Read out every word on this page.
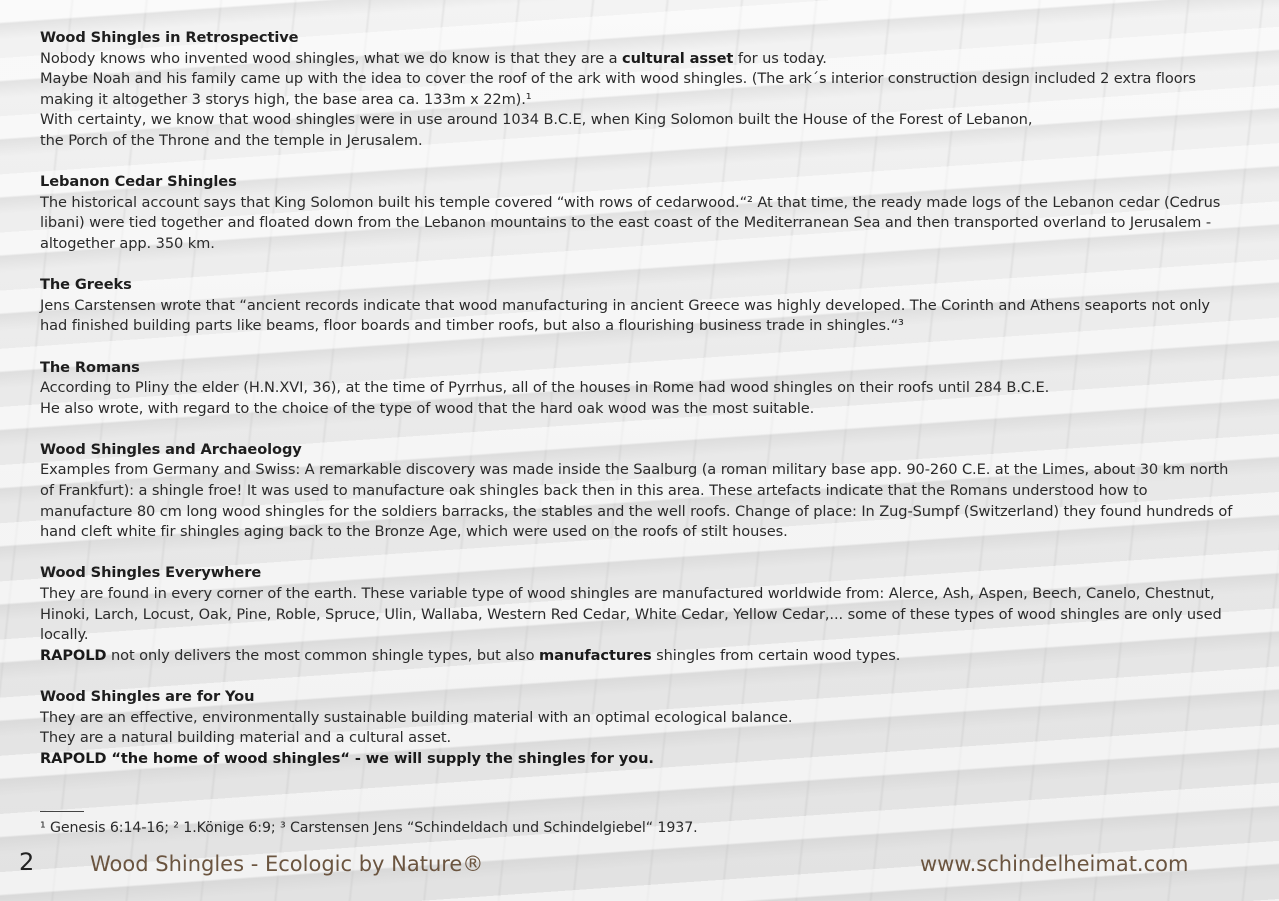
Wood Shingles in Retrospective

Nobody knows who invented wood shingles, what we do know is that they are a cultural asset for us today.

Maybe Noah and his family came up with the idea to cover the roof of the ark with wood shingles. (The ark´s interior construction design included 2 extra floors making it altogether 3 storys high, the base area ca. 133m x 22m).¹

With certainty, we know that wood shingles were in use around 1034 B.C.E, when King Solomon built the House of the Forest of Lebanon,

the Porch of the Throne and the temple in Jerusalem.

Lebanon Cedar Shingles

The historical account says that King Solomon built his temple covered “with rows of cedarwood.“² At that time, the ready made logs of the Lebanon cedar (Cedrus libani) were tied together and floated down from the Lebanon mountains to the east coast of the Mediterranean Sea and then transported overland to Jerusalem - altogether app. 350 km.

The Greeks

Jens Carstensen wrote that “ancient records indicate that wood manufacturing in ancient Greece was highly developed. The Corinth and Athens seaports not only had finished building parts like beams, floor boards and timber roofs, but also a flourishing business trade in shingles.“³

The Romans

According to Pliny the elder (H.N.XVI, 36), at the time of Pyrrhus, all of the houses in Rome had wood shingles on their roofs until 284 B.C.E.

He also wrote, with regard to the choice of the type of wood that the hard oak wood was the most suitable.

Wood Shingles and Archaeology

Examples from Germany and Swiss: A remarkable discovery was made inside the Saalburg (a roman military base app. 90-260 C.E. at the Limes, about 30 km north of Frankfurt): a shingle froe! It was used to manufacture oak shingles back then in this area. These artefacts indicate that the Romans understood how to manufacture 80 cm long wood shingles for the soldiers barracks, the stables and the well roofs. Change of place: In Zug-Sumpf (Switzerland) they found hundreds of hand cleft white fir shingles aging back to the Bronze Age, which were used on the roofs of stilt houses.

Wood Shingles Everywhere

They are found in every corner of the earth. These variable type of wood shingles are manufactured worldwide from: Alerce, Ash, Aspen, Beech, Canelo, Chestnut, Hinoki, Larch, Locust, Oak, Pine, Roble, Spruce, Ulin, Wallaba, Western Red Cedar, White Cedar, Yellow Cedar,... some of these types of wood shingles are only used locally.

RAPOLD not only delivers the most common shingle types, but also manufactures shingles from certain wood types.

Wood Shingles are for You

They are an effective, environmentally sustainable building material with an optimal ecological balance.

They are a natural building material and a cultural asset.

RAPOLD “the home of wood shingles“ - we will supply the shingles for you.

¹ Genesis 6:14-16; ² 1.Könige 6:9; ³ Carstensen Jens “Schindeldach und Schindelgiebel“ 1937.

2	Wood Shingles - Ecologic by Nature®	www.schindelheimat.com
